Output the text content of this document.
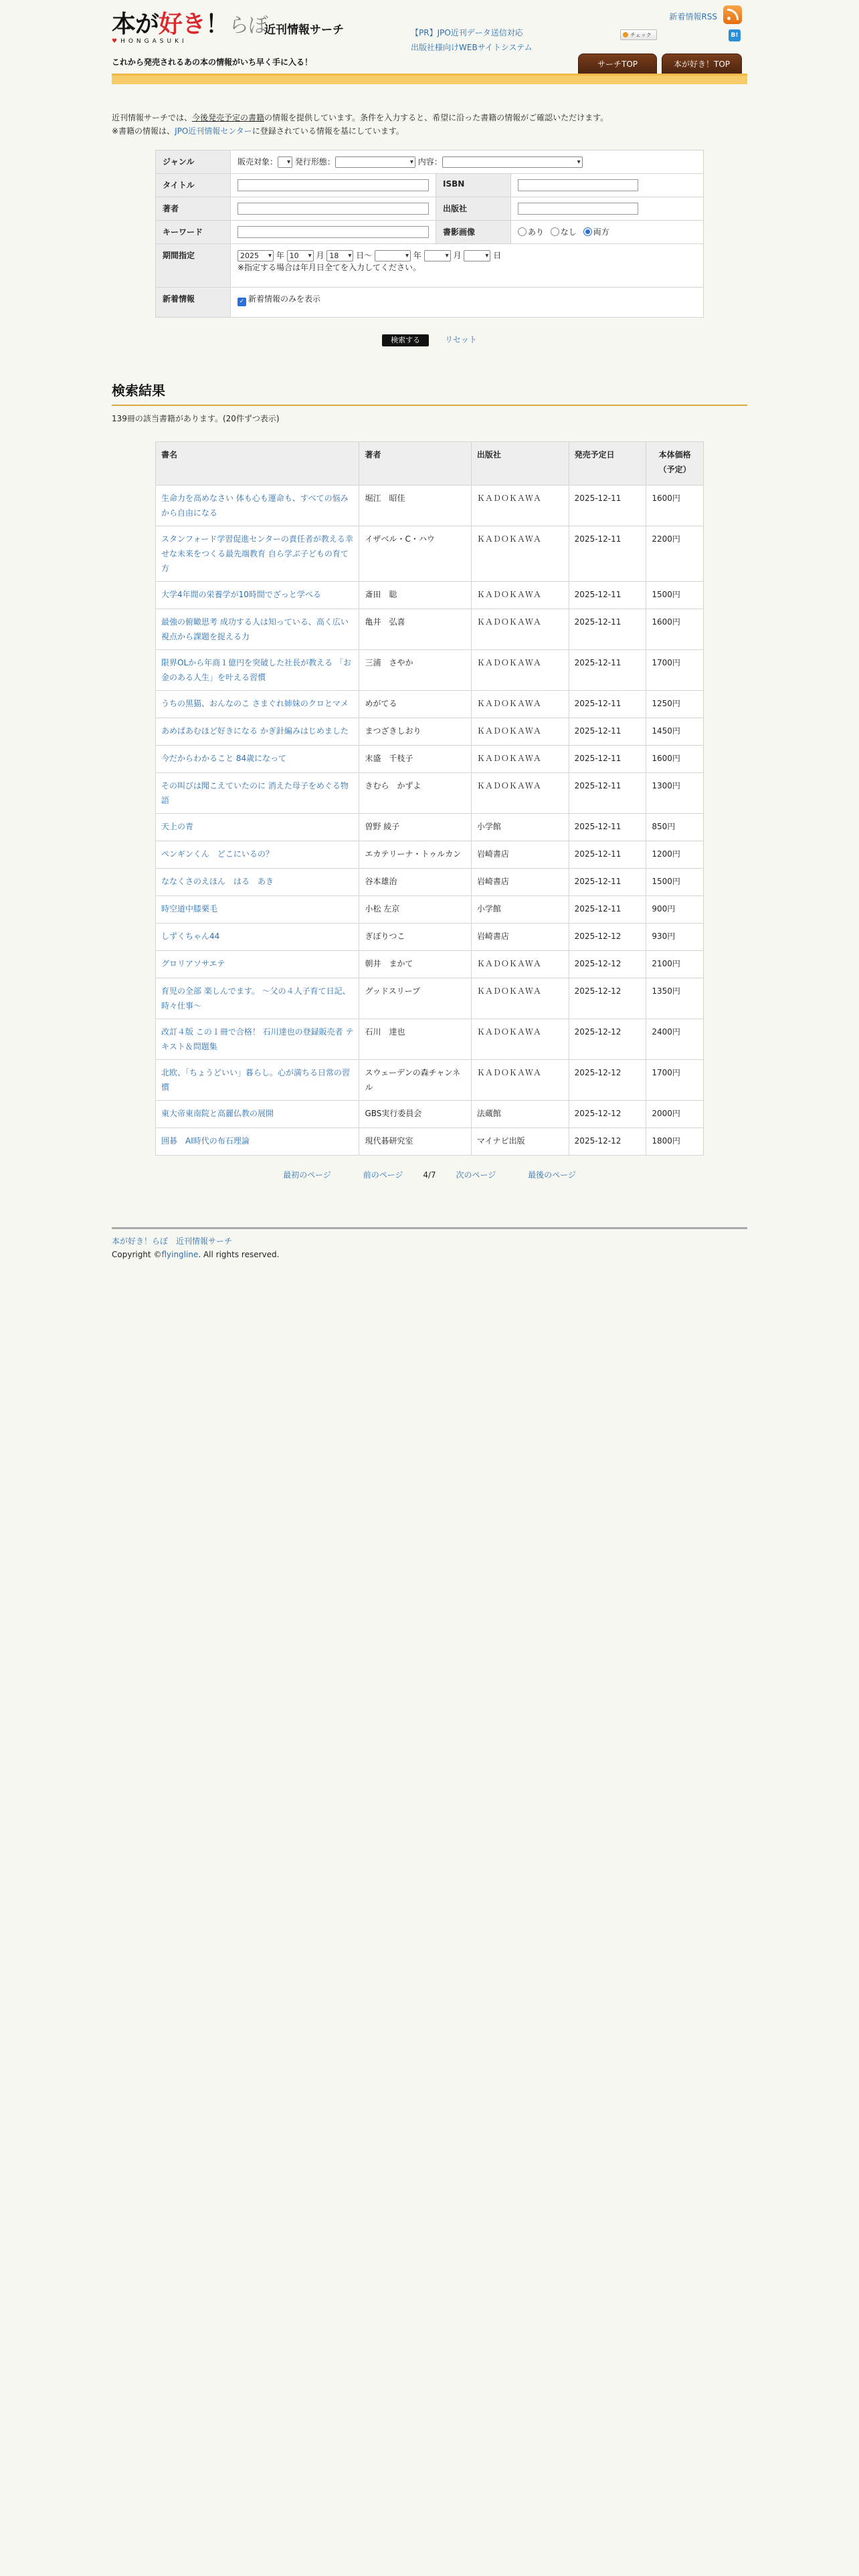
本が好き！らぼ
♥HONGASUKI
近刊情報サーチ
これから発売されるあの本の情報がいち早く手に入る！
【PR】JPO近刊データ送信対応
出版社様向けWEBサイトシステム
新着情報RSS
チェック	B!
サーチTOP	本が好き！TOP
近刊情報サーチでは、今後発売予定の書籍の情報を提供しています。条件を入力すると、希望に沿った書籍の情報がご確認いただけます。
※書籍の情報は、JPO近刊情報センターに登録されている情報を基にしています。
ジャンル	販売対象： ▾ 発行形態： ▾ 内容：▾
タイトル		ISBN	

著者		出版社	

キーワード		書影画像	あり なし 両方
期間指定	2025 ▾ 年 10 ▾ 月 18 ▾ 日～ ▾ 年 ▾ 月 ▾ 日
※指定する場合は年月日全てを入力してください。

新着情報	✓ 新着情報のみを表示		
検索する	リセット
検索結果
139冊の該当書籍があります。(20件ずつ表示)
書名	著者	出版社	発売予定日	本体価格（予定）
生命力を高めなさい 体も心も運命も、すべての悩みから自由になる	堀江　昭佳	ＫＡＤＯＫＡＷＡ	2025-12-11	1600円
スタンフォード学習促進センターの責任者が教える幸せな未来をつくる最先端教育 自ら学ぶ子どもの育て方	イザベル・C・ハウ	ＫＡＤＯＫＡＷＡ	2025-12-11	2200円
大学4年間の栄養学が10時間でざっと学べる	斎田　聡	ＫＡＤＯＫＡＷＡ	2025-12-11	1500円
最強の俯瞰思考 成功する人は知っている、高く広い視点から課題を捉える力	亀井　弘喜	ＫＡＤＯＫＡＷＡ	2025-12-11	1600円
限界OLから年商１億円を突破した社長が教える 「お金のある人生」を叶える習慣	三浦　さやか	ＫＡＤＯＫＡＷＡ	2025-12-11	1700円
うちの黒猫、おんなのこ さまぐれ姉妹のクロとマメ	めがてる	ＫＡＤＯＫＡＷＡ	2025-12-11	1250円
あめぱあむほど好きになる かぎ針編みはじめました	まつざきしおり	ＫＡＤＯＫＡＷＡ	2025-12-11	1450円
今だからわかること 84歳になって	末盛　千枝子	ＫＡＤＯＫＡＷＡ	2025-12-11	1600円
その叫びは聞こえていたのに 消えた母子をめぐる物語	きむら　かずよ	ＫＡＤＯＫＡＷＡ	2025-12-11	1300円
天上の青	曽野 綾子	小学館	2025-12-11	850円
ペンギンくん　どこにいるの？	エカテリーナ・トゥルカン	岩崎書店	2025-12-11	1200円
ななくさのえほん　はる　あき	谷本雄治	岩崎書店	2025-12-11	1500円
時空道中膝栗毛	小松 左京	小学館	2025-12-11	900円
しずくちゃん44	ぎぼりつこ	岩崎書店	2025-12-12	930円
グロリアソサエテ	朝井　まかて	ＫＡＤＯＫＡＷＡ	2025-12-12	2100円
育児の全部 楽しんでます。 ～父の４人子育て日記、時々仕事～	グッドスリープ	ＫＡＤＯＫＡＷＡ	2025-12-12	1350円
改訂４版 この１冊で合格！ 石川達也の登録販売者 テキスト＆問題集	石川　達也	ＫＡＤＯＫＡＷＡ	2025-12-12	2400円
北欧、「ちょうどいい」暮らし。心が満ちる日常の習慣	スウェーデンの森チャンネル	ＫＡＤＯＫＡＷＡ	2025-12-12	1700円
東大帝東南院と高麗仏教の展開	GBS実行委員会	法蔵館	2025-12-12	2000円
囲碁　AI時代の布石理論	現代碁研究室	マイナビ出版	2025-12-12	1800円
最初のページ	前のページ 4/7 次のページ	最後のページ
本が好き！らぼ　近刊情報サーチ
Copyright ©flyingline. All rights reserved.
